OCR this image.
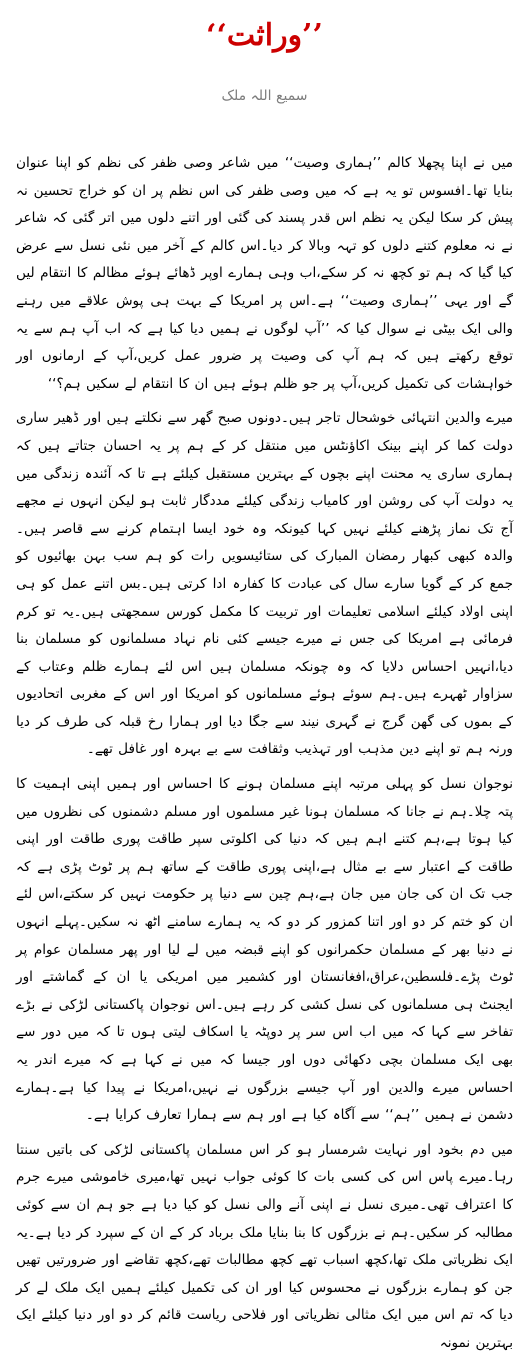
’’وراثت‘‘
سمیع اللہ ملک

میں نے اپنا پچھلا کالم ’’ہماری وصیت‘‘ میں شاعر وصی ظفر کی نظم کو اپنا عنوان بنایا تھا۔افسوس تو یہ ہے کہ میں وصی ظفر کی اس نظم پر ان کو خراج تحسین نہ پیش کر سکا لیکن یہ نظم اس قدر پسند کی گئی اور اتنے دلوں میں اتر گئی کہ شاعر نے نہ معلوم کتنے دلوں کو تہہ وبالا کر دیا۔اس کالم کے آخر میں نئی نسل سے عرض کیا گیا کہ ہم تو کچھ نہ کر سکے،اب وہی ہمارے اوپر ڈھائے ہوئے مظالم کا انتقام لیں گے اور یہی ’’ہماری وصیت‘‘ ہے۔اس پر امریکا کے بہت ہی پوش علاقے میں رہنے والی ایک بیٹی نے سوال کیا کہ ’’آپ لوگوں نے ہمیں دیا کیا ہے کہ اب آپ ہم سے یہ توقع رکھتے ہیں کہ ہم آپ کی وصیت پر ضرور عمل کریں،آپ کے ارمانوں اور خواہشات کی تکمیل کریں،آپ پر جو ظلم ہوئے ہیں ان کا انتقام لے سکیں ہم؟‘‘

میرے والدین انتہائی خوشحال تاجر ہیں۔دونوں صبح گھر سے نکلتے ہیں اور ڈھیر ساری دولت کما کر اپنے بینک اکاؤنٹس میں منتقل کر کے ہم پر یہ احسان جتاتے ہیں کہ ہماری ساری یہ محنت اپنے بچوں کے بہترین مستقبل کیلئے ہے تا کہ آئندہ زندگی میں یہ دولت آپ کی روشن اور کامیاب زندگی کیلئے مددگار ثابت ہو لیکن انہوں نے مجھے آج تک نماز پڑھنے کیلئے نہیں کہا کیونکہ وہ خود ایسا اہتمام کرنے سے قاصر ہیں۔والدہ کبھی کبھار رمضان المبارک کی ستائیسویں رات کو ہم سب بہن بھائیوں کو جمع کر کے گویا سارے سال کی عبادت کا کفارہ ادا کرتی ہیں۔بس اتنے عمل کو ہی اپنی اولاد کیلئے اسلامی تعلیمات اور تربیت کا مکمل کورس سمجھتی ہیں۔یہ تو کرم فرمائی ہے امریکا کی جس نے میرے جیسے کئی نام نہاد مسلمانوں کو مسلمان بنا دیا،انہیں احساس دلایا کہ وہ چونکہ مسلمان ہیں اس لئے ہمارے ظلم وعتاب کے سزاوار ٹھہرے ہیں۔ہم سوئے ہوئے مسلمانوں کو امریکا اور اس کے مغربی اتحادیوں کے بموں کی گھن گرج نے گہری نیند سے جگا دیا اور ہمارا رخ قبلہ کی طرف کر دیا ورنہ ہم تو اپنے دین مذہب اور تہذیب وثقافت سے بے بہرہ اور غافل تھے۔

نوجوان نسل کو پہلی مرتبہ اپنے مسلمان ہونے کا احساس اور ہمیں اپنی اہمیت کا پتہ چلا۔ہم نے جانا کہ مسلمان ہونا غیر مسلموں اور مسلم دشمنوں کی نظروں میں کیا ہوتا ہے،ہم کتنے اہم ہیں کہ دنیا کی اکلوتی سپر طاقت پوری طاقت اور اپنی طاقت کے اعتبار سے بے مثال ہے،اپنی پوری طاقت کے ساتھ ہم پر ٹوٹ پڑی ہے کہ جب تک ان کی جان میں جان ہے،ہم چین سے دنیا پر حکومت نہیں کر سکتے،اس لئے ان کو ختم کر دو اور اتنا کمزور کر دو کہ یہ ہمارے سامنے اٹھ نہ سکیں۔پہلے انہوں نے دنیا بھر کے مسلمان حکمرانوں کو اپنے قبضہ میں لے لیا اور پھر مسلمان عوام پر ٹوٹ پڑے۔فلسطین،عراق،افغانستان اور کشمیر میں امریکی یا ان کے گماشتے اور ایجنٹ ہی مسلمانوں کی نسل کشی کر رہے ہیں۔اس نوجوان پاکستانی لڑکی نے بڑے تفاخر سے کہا کہ میں اب اس سر پر دوپٹہ یا اسکاف لیتی ہوں تا کہ میں دور سے بھی ایک مسلمان بچی دکھائی دوں اور جیسا کہ میں نے کہا ہے کہ میرے اندر یہ احساس میرے والدین اور آپ جیسے بزرگوں نے نہیں،امریکا نے پیدا کیا ہے۔ہمارے دشمن نے ہمیں ’’ہم‘‘ سے آگاہ کیا ہے اور ہم سے ہمارا تعارف کرایا ہے۔

میں دم بخود اور نہایت شرمسار ہو کر اس مسلمان پاکستانی لڑکی کی باتیں سنتا رہا۔میرے پاس اس کی کسی بات کا کوئی جواب نہیں تھا،میری خاموشی میرے جرم کا اعتراف تھی۔میری نسل نے اپنی آنے والی نسل کو کیا دیا ہے جو ہم ان سے کوئی مطالبہ کر سکیں۔ہم نے بزرگوں کا بنا بنایا ملک برباد کر کے ان کے سپرد کر دیا ہے۔یہ ایک نظریاتی ملک تھا،کچھ اسباب تھے کچھ مطالبات تھے،کچھ تقاضے اور ضرورتیں تھیں جن کو ہمارے بزرگوں نے محسوس کیا اور ان کی تکمیل کیلئے ہمیں ایک ملک لے کر دیا کہ تم اس میں ایک مثالی نظریاتی اور فلاحی ریاست قائم کر دو اور دنیا کیلئے ایک بہترین نمونہ
